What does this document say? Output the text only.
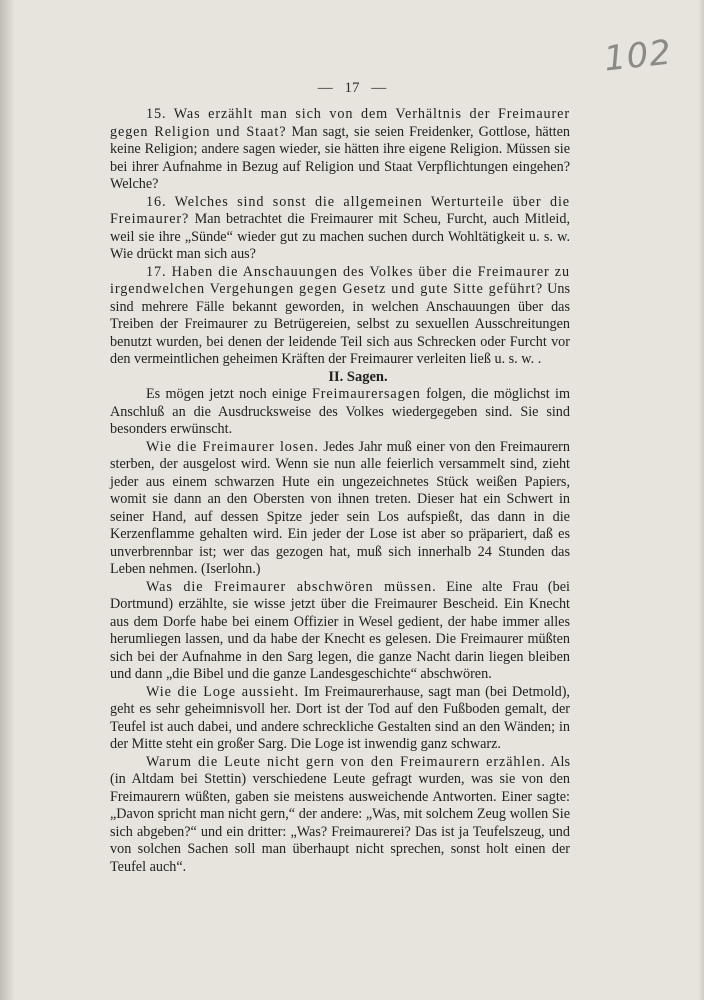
102
— 17 —

15. Was erzählt man sich von dem Verhältnis der Freimaurer gegen Religion und Staat? Man sagt, sie seien Freidenker, Gottlose, hätten keine Religion; andere sagen wieder, sie hätten ihre eigene Religion. Müssen sie bei ihrer Aufnahme in Bezug auf Religion und Staat Verpflichtungen eingehen? Welche?

16. Welches sind sonst die allgemeinen Werturteile über die Freimaurer? Man betrachtet die Freimaurer mit Scheu, Furcht, auch Mitleid, weil sie ihre „Sünde“ wieder gut zu machen suchen durch Wohltätigkeit u. s. w. Wie drückt man sich aus?

17. Haben die Anschauungen des Volkes über die Freimaurer zu irgendwelchen Vergehungen gegen Gesetz und gute Sitte geführt? Uns sind mehrere Fälle bekannt geworden, in welchen Anschauungen über das Treiben der Freimaurer zu Betrügereien, selbst zu sexuellen Ausschreitungen benutzt wurden, bei denen der leidende Teil sich aus Schrecken oder Furcht vor den vermeintlichen geheimen Kräften der Freimaurer verleiten ließ u. s. w. .

II. Sagen.

Es mögen jetzt noch einige Freimaurersagen folgen, die möglichst im Anschluß an die Ausdrucksweise des Volkes wiedergegeben sind. Sie sind besonders erwünscht.

Wie die Freimaurer losen. Jedes Jahr muß einer von den Freimaurern sterben, der ausgelost wird. Wenn sie nun alle feierlich versammelt sind, zieht jeder aus einem schwarzen Hute ein ungezeichnetes Stück weißen Papiers, womit sie dann an den Obersten von ihnen treten. Dieser hat ein Schwert in seiner Hand, auf dessen Spitze jeder sein Los aufspießt, das dann in die Kerzenflamme gehalten wird. Ein jeder der Lose ist aber so präpariert, daß es unverbrennbar ist; wer das gezogen hat, muß sich innerhalb 24 Stunden das Leben nehmen. (Iserlohn.)

Was die Freimaurer abschwören müssen. Eine alte Frau (bei Dortmund) erzählte, sie wisse jetzt über die Freimaurer Bescheid. Ein Knecht aus dem Dorfe habe bei einem Offizier in Wesel gedient, der habe immer alles herumliegen lassen, und da habe der Knecht es gelesen. Die Freimaurer müßten sich bei der Aufnahme in den Sarg legen, die ganze Nacht darin liegen bleiben und dann „die Bibel und die ganze Landesgeschichte“ abschwören.

Wie die Loge aussieht. Im Freimaurerhause, sagt man (bei Detmold), geht es sehr geheimnisvoll her. Dort ist der Tod auf den Fußboden gemalt, der Teufel ist auch dabei, und andere schreckliche Gestalten sind an den Wänden; in der Mitte steht ein großer Sarg. Die Loge ist inwendig ganz schwarz.

Warum die Leute nicht gern von den Freimaurern erzählen. Als (in Altdam bei Stettin) verschiedene Leute gefragt wurden, was sie von den Freimaurern wüßten, gaben sie meistens ausweichende Antworten. Einer sagte: „Davon spricht man nicht gern,“ der andere: „Was, mit solchem Zeug wollen Sie sich abgeben?“ und ein dritter: „Was? Freimaurerei? Das ist ja Teufelszeug, und von solchen Sachen soll man überhaupt nicht sprechen, sonst holt einen der Teufel auch“.
